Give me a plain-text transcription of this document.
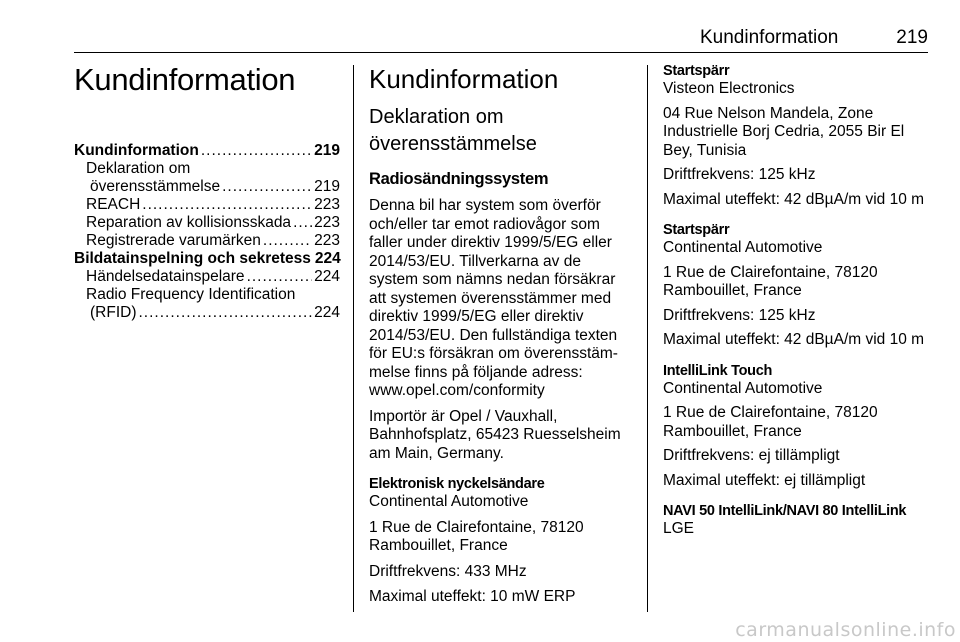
Kundinformation	219
Kundinformation
Kundinformation .....	219
Deklaration om
överensstämmelse .....	219
REACH .....	223
Reparation av kollisionsskada ..... 223
Registrerade varumärken .....	223
Bildatainspelning och sekretess 224
Händelsedatainspelare .....	224
Radio Frequency Identification
(RFID) .....	224
Kundinformation
Deklaration om överensstämmelse
Radiosändningssystem

Denna bil har system som överför och/eller tar emot radiovågor som faller under direktiv 1999/5/EG eller 2014/53/EU. Tillverkarna av de system som nämns nedan försäkrar att systemen överensstämmer med direktiv 1999/5/EG eller direktiv 2014/53/EU. Den fullständiga texten för EU:s försäkran om överensstäm-melse finns på följande adress: www.opel.com/conformity

Importör är Opel / Vauxhall, Bahnhofsplatz, 65423 Ruesselsheim am Main, Germany.

Elektronisk nyckelsändare

Continental Automotive

1 Rue de Clairefontaine, 78120 Rambouillet, France

Driftfrekvens: 433 MHz

Maximal uteffekt: 10 mW ERP

Startspärr

Visteon Electronics

04 Rue Nelson Mandela, Zone Industrielle Borj Cedria, 2055 Bir El Bey, Tunisia

Driftfrekvens: 125 kHz

Maximal uteffekt: 42 dBµA/m vid 10 m

Startspärr

Continental Automotive

1 Rue de Clairefontaine, 78120 Rambouillet, France

Driftfrekvens: 125 kHz

Maximal uteffekt: 42 dBµA/m vid 10 m

IntelliLink Touch

Continental Automotive

1 Rue de Clairefontaine, 78120 Rambouillet, France

Driftfrekvens: ej tillämpligt

Maximal uteffekt: ej tillämpligt

NAVI 50 IntelliLink/NAVI 80 IntelliLink

LGE

carmanualsonline.info
